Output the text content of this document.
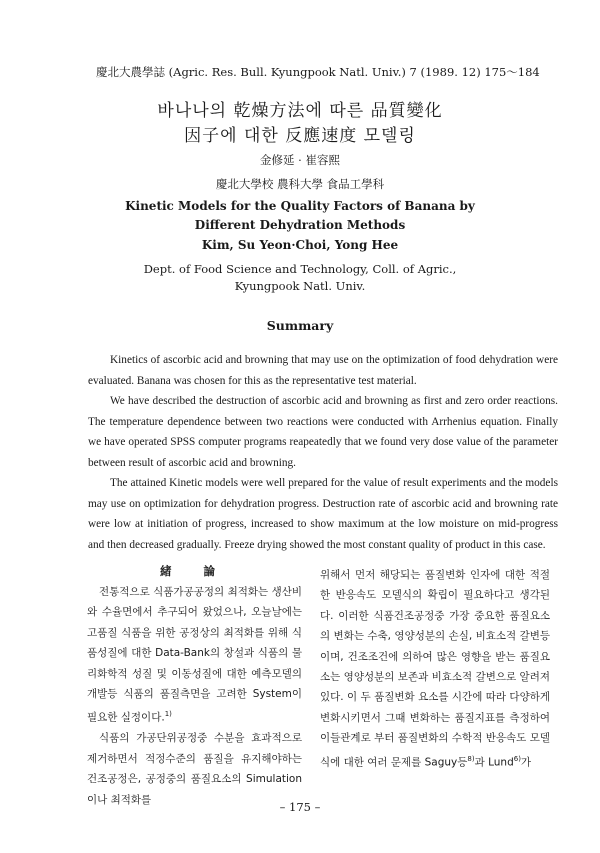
慶北大農學誌 (Agric. Res. Bull. Kyungpook Natl. Univ.) 7 (1989. 12) 175～184
바나나의 乾燥方法에 따른 品質變化
因子에 대한 反應速度 모델링
金修延 · 崔容熙
慶北大學校 農科大學 食品工學科
Kinetic Models for the Quality Factors of Banana by
Different Dehydration Methods
Kim, Su Yeon·Choi, Yong Hee
Dept. of Food Science and Technology, Coll. of Agric.,
Kyungpook Natl. Univ.
Summary

Kinetics of ascorbic acid and browning that may use on the optimization of food dehydration were evaluated. Banana was chosen for this as the representative test material.

We have described the destruction of ascorbic acid and browning as first and zero order reactions. The temperature dependence between two reactions were conducted with Arrhenius equation. Finally we have operated SPSS computer programs reapeatedly that we found very dose value of the parameter between result of ascorbic acid and browning.

The attained Kinetic models were well prepared for the value of result experiments and the models may use on optimization for dehydration progress. Destruction rate of ascorbic acid and browning rate were low at initiation of progress, increased to show maximum at the low moisture on mid-progress and then decreased gradually. Freeze drying showed the most constant quality of product in this case.

緒 論

전통적으로 식품가공공정의 최적화는 생산비와 수율면에서 추구되어 왔었으나, 오늘날에는 고품질 식품을 위한 공정상의 최적화를 위해 식품성질에 대한 Data-Bank의 창설과 식품의 물리화학적 성질 및 이동성질에 대한 예측모델의 개발등 식품의 품질측면을 고려한 System이 필요한 실정이다.$^{1)}$

식품의 가공단위공정중 수분을 효과적으로 제거하면서 적정수준의 품질을 유지해야하는 건조공정은, 공정중의 품질요소의 Simulation이나 최적화를

위해서 먼저 해당되는 품질변화 인자에 대한 적절한 반응속도 모델식의 확립이 필요하다고 생각된다. 이러한 식품건조공정중 가장 중요한 품질요소의 변화는 수축, 영양성분의 손실, 비효소적 갈변등이며, 건조조건에 의하여 많은 영향을 받는 품질요소는 영양성분의 보존과 비효소적 갈변으로 알려져 있다. 이 두 품질변화 요소를 시간에 따라 다양하게 변화시키면서 그때 변화하는 품질지표를 측정하여 이들관계로 부터 품질변화의 수학적 반응속도 모델식에 대한 여러 문제를 Saguy등$^{8)}$과 Lund$^{6)}$가

– 175 –
